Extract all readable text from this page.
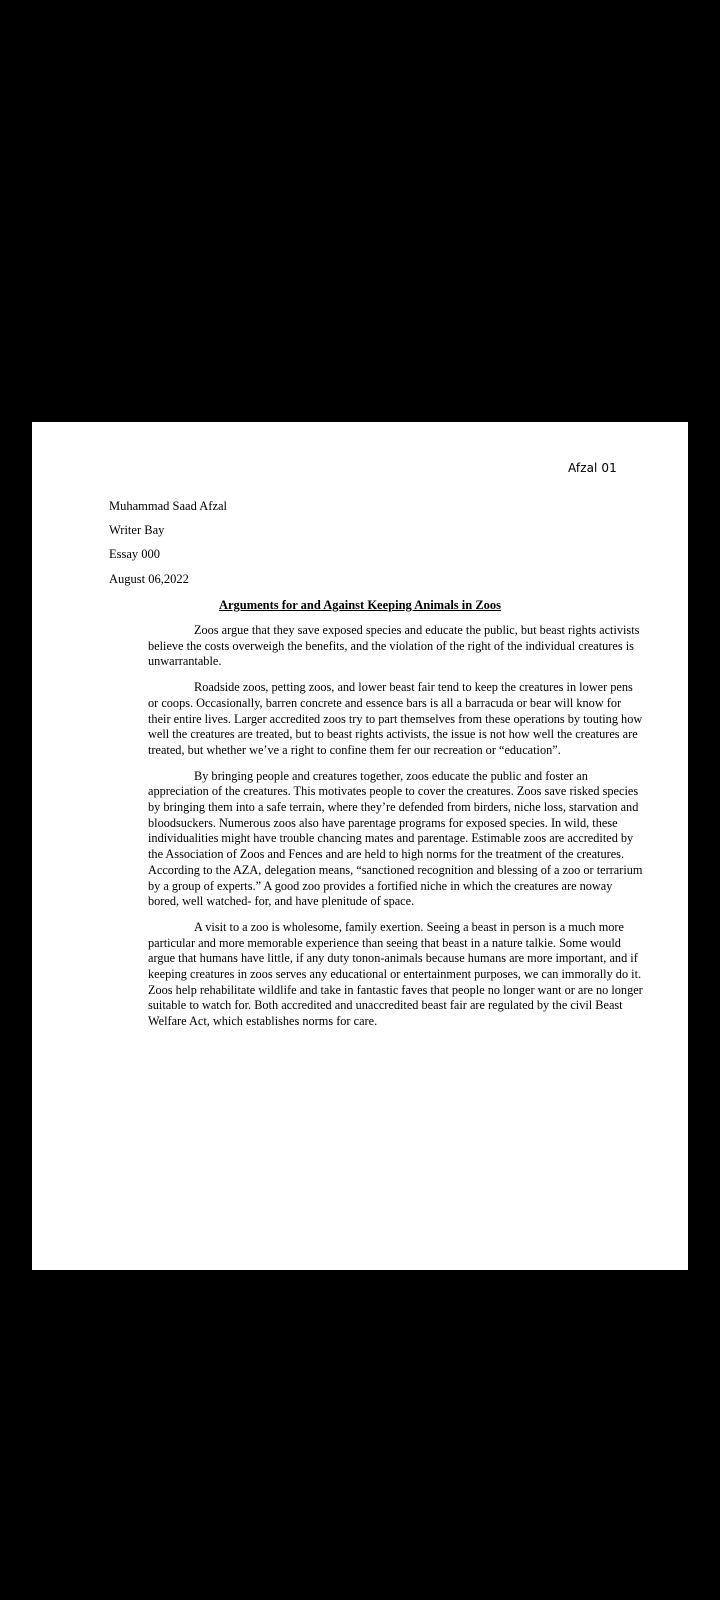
Afzal 01
Muhammad Saad Afzal
Writer Bay
Essay 000
August 06,2022
Arguments for and Against Keeping Animals in Zoos

Zoos argue that they save exposed species and educate the public, but beast rights activists believe the costs overweigh the benefits, and the violation of the right of the individual creatures is unwarrantable.

Roadside zoos, petting zoos, and lower beast fair tend to keep the creatures in lower pens or coops. Occasionally, barren concrete and essence bars is all a barracuda or bear will know for their entire lives. Larger accredited zoos try to part themselves from these operations by touting how well the creatures are treated, but to beast rights activists, the issue is not how well the creatures are treated, but whether we’ve a right to confine them fer our recreation or “education”.

By bringing people and creatures together, zoos educate the public and foster an appreciation of the creatures. This motivates people to cover the creatures. Zoos save risked species by bringing them into a safe terrain, where they’re defended from birders, niche loss, starvation and bloodsuckers. Numerous zoos also have parentage programs for exposed species. In wild, these individualities might have trouble chancing mates and parentage. Estimable zoos are accredited by the Association of Zoos and Fences and are held to high norms for the treatment of the creatures. According to the AZA, delegation means, “sanctioned recognition and blessing of a zoo or terrarium by a group of experts.” A good zoo provides a fortified niche in which the creatures are noway bored, well watched- for, and have plenitude of space.

A visit to a zoo is wholesome, family exertion. Seeing a beast in person is a much more particular and more memorable experience than seeing that beast in a nature talkie. Some would argue that humans have little, if any duty tonon-animals because humans are more important, and if keeping creatures in zoos serves any educational or entertainment purposes, we can immorally do it. Zoos help rehabilitate wildlife and take in fantastic faves that people no longer want or are no longer suitable to watch for. Both accredited and unaccredited beast fair are regulated by the civil Beast Welfare Act, which establishes norms for care.
